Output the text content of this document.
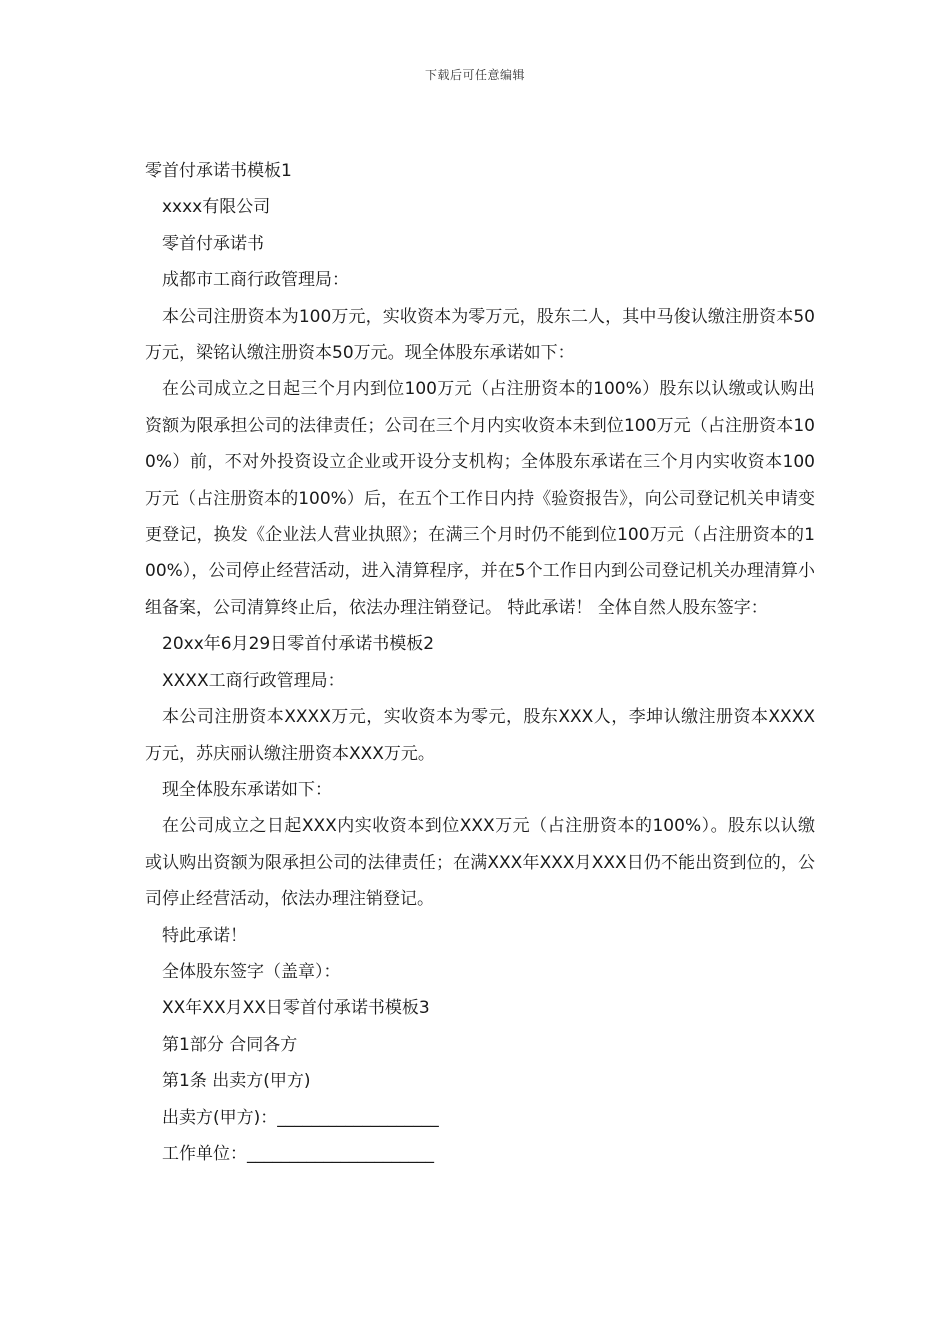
下载后可任意编辑

零首付承诺书模板1

xxxx有限公司

零首付承诺书

成都市工商行政管理局：

本公司注册资本为100万元，实收资本为零万元，股东二人，其中马俊认缴注册资本50万元，梁铭认缴注册资本50万元。现全体股东承诺如下：

在公司成立之日起三个月内到位100万元（占注册资本的100%）股东以认缴或认购出资额为限承担公司的法律责任；公司在三个月内实收资本未到位100万元（占注册资本100%）前，不对外投资设立企业或开设分支机构；全体股东承诺在三个月内实收资本100万元（占注册资本的100%）后，在五个工作日内持《验资报告》，向公司登记机关申请变更登记，换发《企业法人营业执照》；在满三个月时仍不能到位100万元（占注册资本的100%），公司停止经营活动，进入清算程序，并在5个工作日内到公司登记机关办理清算小组备案，公司清算终止后，依法办理注销登记。 特此承诺！ 全体自然人股东签字：

20xx年6月29日零首付承诺书模板2

XXXX工商行政管理局：

本公司注册资本XXXX万元，实收资本为零元，股东XXX人，李坤认缴注册资本XXXX万元，苏庆丽认缴注册资本XXX万元。

现全体股东承诺如下：

在公司成立之日起XXX内实收资本到位XXX万元（占注册资本的100%）。股东以认缴或认购出资额为限承担公司的法律责任；在满XXX年XXX月XXX日仍不能出资到位的，公司停止经营活动，依法办理注销登记。

特此承诺！

全体股东签字（盖章）：

XX年XX月XX日零首付承诺书模板3

第1部分 合同各方

第1条 出卖方(甲方)

出卖方(甲方)：___________________

工作单位：______________________
